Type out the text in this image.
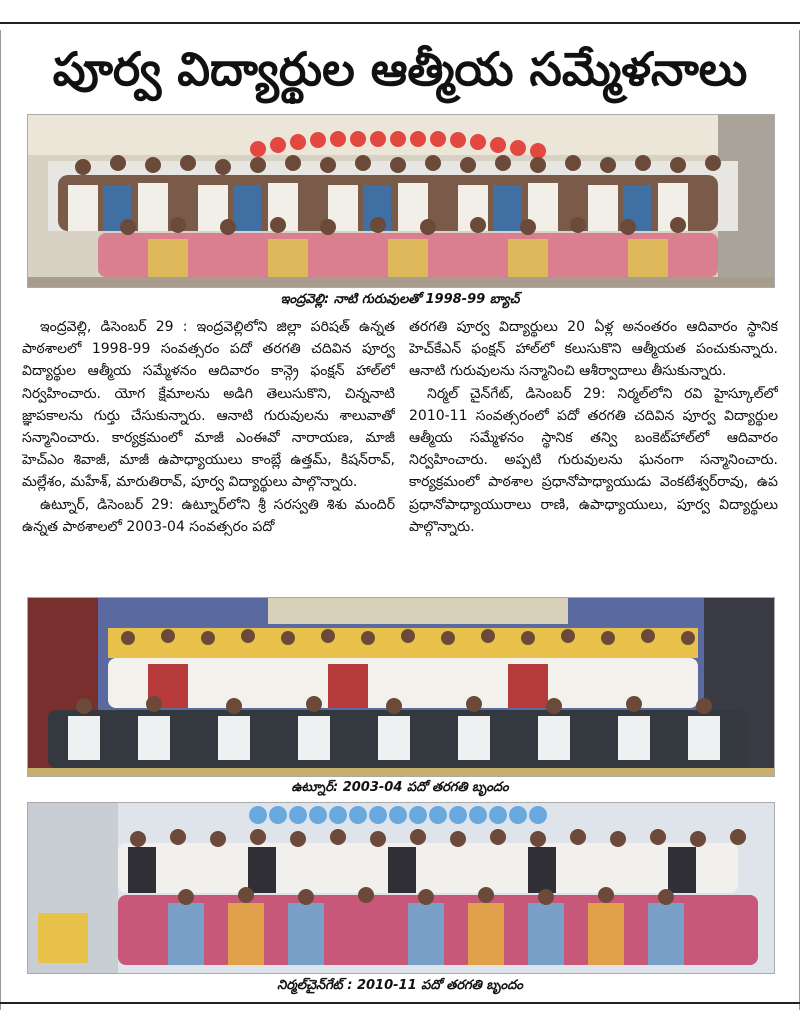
పూర్వ విద్యార్థుల ఆత్మీయ సమ్మేళనాలు
ఇంద్రవెల్లి: నాటి గురువులతో 1998-99 బ్యాచ్

ఇంద్రవెల్లి, డిసెంబర్ 29 : ఇంద్రవెల్లిలోని జిల్లా పరిషత్ ఉన్నత పాఠశాలలో 1998-99 సంవత్సరం పదో తరగతి చదివిన పూర్వ విద్యార్థుల ఆత్మీయ సమ్మేళనం ఆదివారం కాన్గ్రె ఫంక్షన్ హాల్‌లో నిర్వహించారు. యోగ క్షేమాలను అడిగి తెలుసుకొని, చిన్ననాటి జ్ఞాపకాలను గుర్తు చేసుకున్నారు. ఆనాటి గురువులను శాలువాతో సన్మానించారు. కార్యక్రమంలో మాజీ ఎంఈవో నారాయణ, మాజీ హెచ్ఎం శివాజీ, మాజీ ఉపాధ్యాయులు కాంబ్లే ఉత్తమ్, కిషన్‌రావ్, మల్లేశం, మహేశ్, మారుతిరావ్, పూర్వ విద్యార్థులు పాల్గొన్నారు.

ఉట్నూర్, డిసెంబర్ 29: ఉట్నూర్‌లోని శ్రీ సరస్వతి శిశు మందిర్ ఉన్నత పాఠశాలలో 2003-04 సంవత్సరం పదో

తరగతి పూర్వ విద్యార్థులు 20 ఏళ్ల అనంతరం ఆదివారం స్థానిక హెచ్‌కేఎన్ ఫంక్షన్ హాల్‌లో కలుసుకొని ఆత్మీయత పంచుకున్నారు. ఆనాటి గురువులను సన్మానించి ఆశీర్వాదాలు తీసుకున్నారు.

నిర్మల్ చైన్‌గేట్, డిసెంబర్ 29: నిర్మల్‌లోని రవి హైస్కూల్‌లో 2010-11 సంవత్సరంలో పదో తరగతి చదివిన పూర్వ విద్యార్థుల ఆత్మీయ సమ్మేళనం స్థానిక తన్వి బంకెట్‌హాల్‌లో ఆదివారం నిర్వహించారు. అప్పటి గురువులను ఘనంగా సన్మానించారు. కార్యక్రమంలో పాఠశాల ప్రధానోపాధ్యాయుడు వెంకటేశ్వర్‌రావు, ఉప ప్రధానోపాధ్యాయురాలు రాణి, ఉపాధ్యాయులు, పూర్వ విద్యార్థులు పాల్గొన్నారు.

ఉట్నూర్: 2003-04 పదో తరగతి బృందం
నిర్మల్‌చైన్‌గేట్ : 2010-11 పదో తరగతి బృందం
